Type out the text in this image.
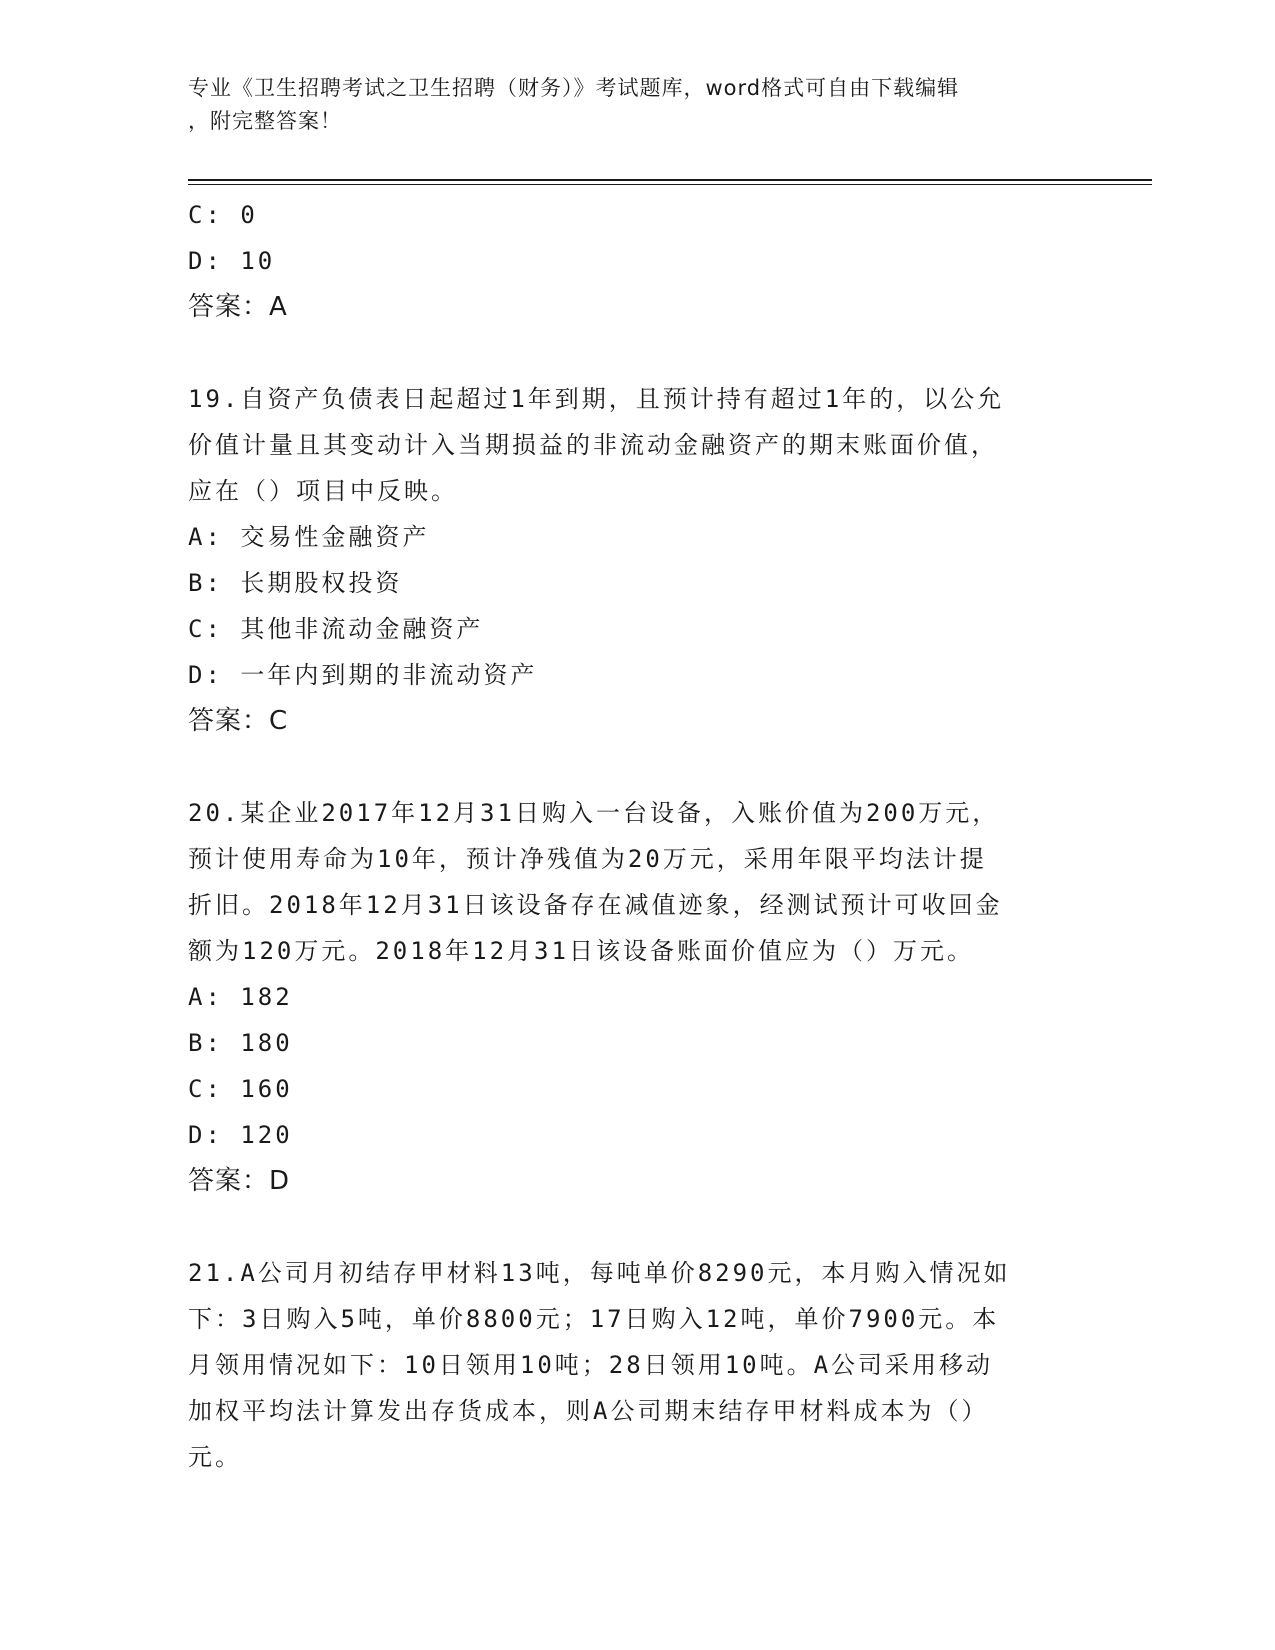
专业《卫生招聘考试之卫生招聘（财务）》考试题库，word格式可自由下载编辑
，附完整答案！
C: 0
D: 10
答案：A
19.自资产负债表日起超过1年到期，且预计持有超过1年的，以公允
价值计量且其变动计入当期损益的非流动金融资产的期末账面价值，
应在（）项目中反映。
A: 交易性金融资产
B: 长期股权投资
C: 其他非流动金融资产
D: 一年内到期的非流动资产
答案：C
20.某企业2017年12月31日购入一台设备，入账价值为200万元，
预计使用寿命为10年，预计净残值为20万元，采用年限平均法计提
折旧。2018年12月31日该设备存在减值迹象，经测试预计可收回金
额为120万元。2018年12月31日该设备账面价值应为（）万元。
A: 182
B: 180
C: 160
D: 120
答案：D
21.A公司月初结存甲材料13吨，每吨单价8290元，本月购入情况如
下：3日购入5吨，单价8800元；17日购入12吨，单价7900元。本
月领用情况如下：10日领用10吨；28日领用10吨。A公司采用移动
加权平均法计算发出存货成本，则A公司期末结存甲材料成本为（）
元。
